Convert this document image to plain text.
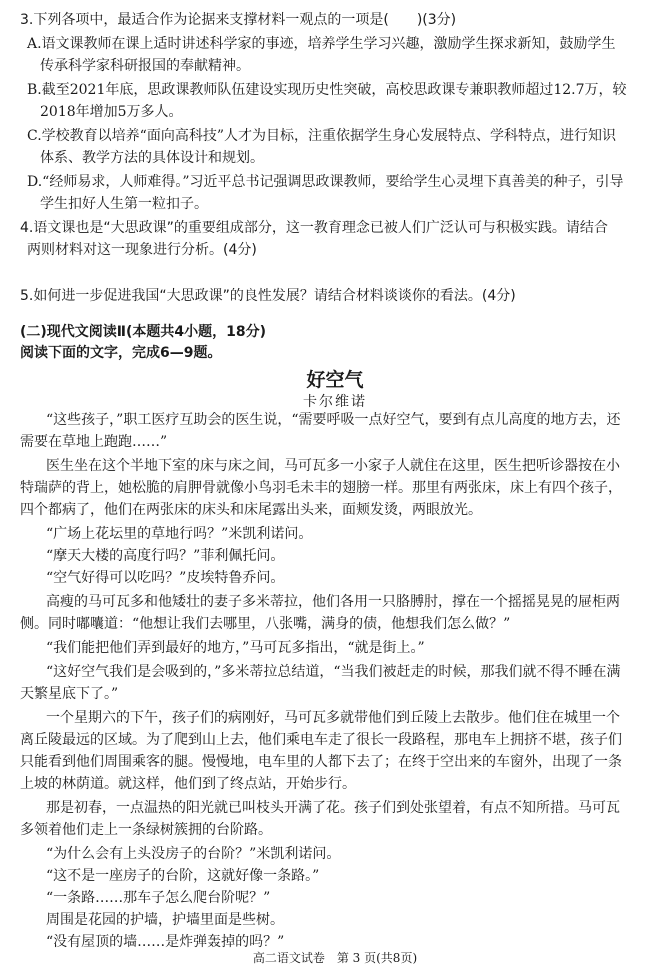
3.下列各项中，最适合作为论据来支撑材料一观点的一项是(　　)(3分)
A.语文课教师在课上适时讲述科学家的事迹，培养学生学习兴趣，激励学生探求新知，鼓励学生
传承科学家科研报国的奉献精神。
B.截至2021年底，思政课教师队伍建设实现历史性突破，高校思政课专兼职教师超过12.7万，较
2018年增加5万多人。
C.学校教育以培养“面向高科技”人才为目标，注重依据学生身心发展特点、学科特点，进行知识
体系、教学方法的具体设计和规划。
D.“经师易求，人师难得。”习近平总书记强调思政课教师，要给学生心灵埋下真善美的种子，引导
学生扣好人生第一粒扣子。
4.语文课也是“大思政课”的重要组成部分，这一教育理念已被人们广泛认可与积极实践。请结合
两则材料对这一现象进行分析。(4分)
5.如何进一步促进我国“大思政课”的良性发展？请结合材料谈谈你的看法。(4分)
(二)现代文阅读Ⅱ(本题共4小题，18分)
阅读下面的文字，完成6—9题。
好空气
卡尔维诺
“这些孩子，”职工医疗互助会的医生说，“需要呼吸一点好空气，要到有点儿高度的地方去，还
需要在草地上跑跑……”
医生坐在这个半地下室的床与床之间，马可瓦多一小家子人就住在这里，医生把听诊器按在小
特瑞萨的背上，她松脆的肩胛骨就像小鸟羽毛未丰的翅膀一样。那里有两张床，床上有四个孩子，
四个都病了，他们在两张床的床头和床尾露出头来，面颊发烫，两眼放光。
“广场上花坛里的草地行吗？”米凯利诺问。
“摩天大楼的高度行吗？”菲利佩托问。
“空气好得可以吃吗？”皮埃特鲁乔问。
高瘦的马可瓦多和他矮壮的妻子多米蒂拉，他们各用一只胳膊肘，撑在一个摇摇晃晃的屉柜两
侧。同时嘟囔道：“他想让我们去哪里，八张嘴，满身的债，他想我们怎么做？”
“我们能把他们弄到最好的地方，”马可瓦多指出，“就是街上。”
“这好空气我们是会吸到的，”多米蒂拉总结道，“当我们被赶走的时候，那我们就不得不睡在满
天繁星底下了。”
一个星期六的下午，孩子们的病刚好，马可瓦多就带他们到丘陵上去散步。他们住在城里一个
离丘陵最远的区域。为了爬到山上去，他们乘电车走了很长一段路程，那电车上拥挤不堪，孩子们
只能看到他们周围乘客的腿。慢慢地，电车里的人都下去了；在终于空出来的车窗外，出现了一条
上坡的林荫道。就这样，他们到了终点站，开始步行。
那是初春，一点温热的阳光就已叫枝头开满了花。孩子们到处张望着，有点不知所措。马可瓦
多领着他们走上一条绿树簇拥的台阶路。
“为什么会有上头没房子的台阶？”米凯利诺问。
“这不是一座房子的台阶，这就好像一条路。”
“一条路……那车子怎么爬台阶呢？”
周围是花园的护墙，护墙里面是些树。
“没有屋顶的墙……是炸弹轰掉的吗？”
高二语文试卷　第 3 页(共8页)
